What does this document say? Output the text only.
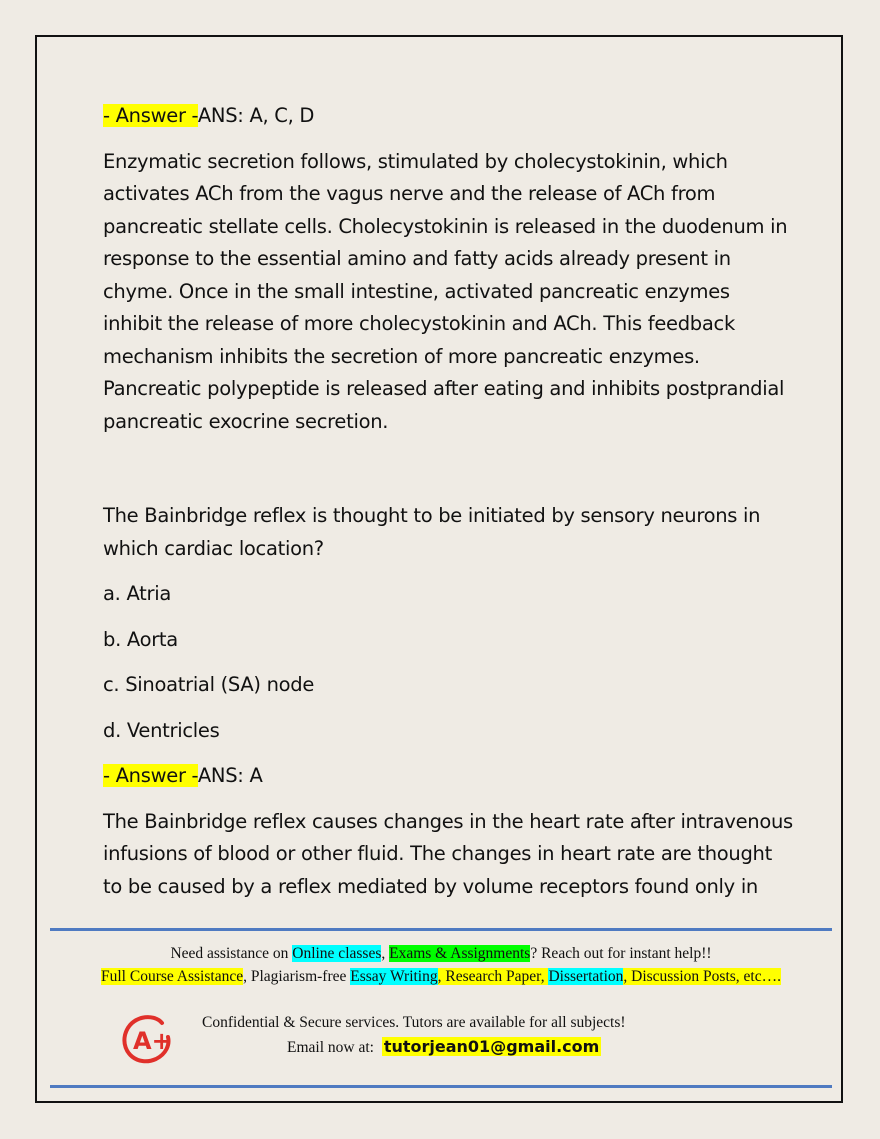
- Answer -ANS: A, C, D

Enzymatic secretion follows, stimulated by cholecystokinin, which activates ACh from the vagus nerve and the release of ACh from pancreatic stellate cells. Cholecystokinin is released in the duodenum in response to the essential amino and fatty acids already present in chyme. Once in the small intestine, activated pancreatic enzymes inhibit the release of more cholecystokinin and ACh. This feedback mechanism inhibits the secretion of more pancreatic enzymes. Pancreatic polypeptide is released after eating and inhibits postprandial pancreatic exocrine secretion.

The Bainbridge reflex is thought to be initiated by sensory neurons in which cardiac location?

a. Atria

b. Aorta

c. Sinoatrial (SA) node

d. Ventricles

- Answer -ANS: A

The Bainbridge reflex causes changes in the heart rate after intravenous infusions of blood or other fluid. The changes in heart rate are thought to be caused by a reflex mediated by volume receptors found only in

Need assistance on Online classes, Exams & Assignments? Reach out for instant help!!
Full Course Assistance, Plagiarism-free Essay Writing, Research Paper, Dissertation, Discussion Posts, etc….
A+
Confidential & Secure services. Tutors are available for all subjects!
Email now at: tutorjean01@gmail.com
